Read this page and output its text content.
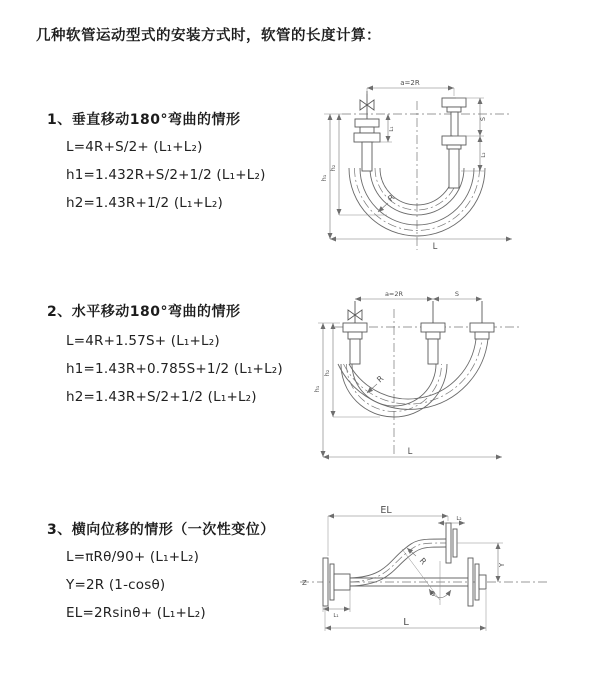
几种软管运动型式的安装方式时，软管的长度计算：
1、垂直移动180°弯曲的情形
L=4R+S/2+ (L₁+L₂)
h1=1.432R+S/2+1/2 (L₁+L₂)
h2=1.43R+1/2 (L₁+L₂)
2、水平移动180°弯曲的情形
L=4R+1.57S+ (L₁+L₂)
h1=1.43R+0.785S+1/2 (L₁+L₂)
h2=1.43R+S/2+1/2 (L₁+L₂)
3、横向位移的情形（一次性变位）
L=πRθ/90+ (L₁+L₂)
Y=2R (1-cosθ)
EL=2Rsinθ+ (L₁+L₂)
a=2R
S
L₂
L₁
h₁
h₂
L
R
a=2R	S
h₁
h₂
L
R
Z
θ
EL
L₂
Y
L₁
L
R
